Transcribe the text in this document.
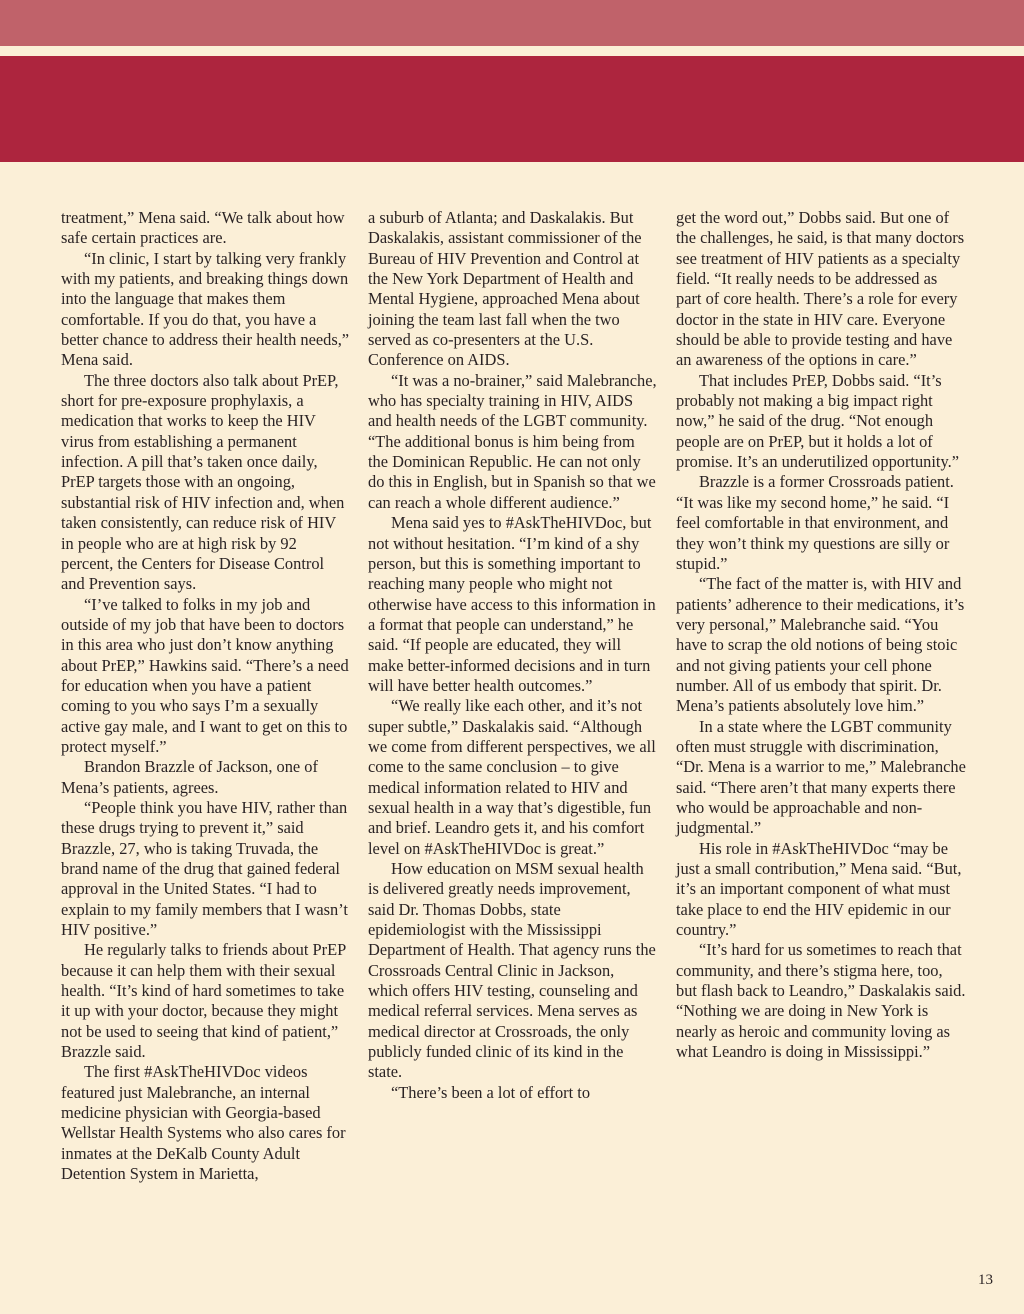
treatment,” Mena said. “We talk about how safe certain practices are.

“In clinic, I start by talking very frankly with my patients, and breaking things down into the language that makes them comfortable. If you do that, you have a better chance to address their health needs,” Mena said.

The three doctors also talk about PrEP, short for pre-exposure prophylaxis, a medication that works to keep the HIV virus from establishing a permanent infection. A pill that’s taken once daily, PrEP targets those with an ongoing, substantial risk of HIV infection and, when taken consistently, can reduce risk of HIV in people who are at high risk by 92 percent, the Centers for Disease Control and Prevention says.

“I’ve talked to folks in my job and outside of my job that have been to doctors in this area who just don’t know anything about PrEP,” Hawkins said. “There’s a need for education when you have a patient coming to you who says I’m a sexually active gay male, and I want to get on this to protect myself.”

Brandon Brazzle of Jackson, one of Mena’s patients, agrees.

“People think you have HIV, rather than these drugs trying to prevent it,” said Brazzle, 27, who is taking Truvada, the brand name of the drug that gained federal approval in the United States. “I had to explain to my family members that I wasn’t HIV positive.”

He regularly talks to friends about PrEP because it can help them with their sexual health. “It’s kind of hard sometimes to take it up with your doctor, because they might not be used to seeing that kind of patient,” Brazzle said.

The first #AskTheHIVDoc videos featured just Malebranche, an internal medicine physician with Georgia-based Wellstar Health Systems who also cares for inmates at the DeKalb County Adult Detention System in Marietta,

a suburb of Atlanta; and Daskalakis. But Daskalakis, assistant commissioner of the Bureau of HIV Prevention and Control at the New York Department of Health and Mental Hygiene, approached Mena about joining the team last fall when the two served as co-presenters at the U.S. Conference on AIDS.

“It was a no-brainer,” said Malebranche, who has specialty training in HIV, AIDS and health needs of the LGBT community. “The additional bonus is him being from the Dominican Republic. He can not only do this in English, but in Spanish so that we can reach a whole different audience.”

Mena said yes to #AskTheHIVDoc, but not without hesitation. “I’m kind of a shy person, but this is something important to reaching many people who might not otherwise have access to this information in a format that people can understand,” he said. “If people are educated, they will make better-informed decisions and in turn will have better health outcomes.”

“We really like each other, and it’s not super subtle,” Daskalakis said. “Although we come from different perspectives, we all come to the same conclusion – to give medical information related to HIV and sexual health in a way that’s digestible, fun and brief. Leandro gets it, and his comfort level on #AskTheHIVDoc is great.”

How education on MSM sexual health is delivered greatly needs improvement, said Dr. Thomas Dobbs, state epidemiologist with the Mississippi Department of Health. That agency runs the Crossroads Central Clinic in Jackson, which offers HIV testing, counseling and medical referral services. Mena serves as medical director at Crossroads, the only publicly funded clinic of its kind in the state.

“There’s been a lot of effort to

get the word out,” Dobbs said. But one of the challenges, he said, is that many doctors see treatment of HIV patients as a specialty field. “It really needs to be addressed as part of core health. There’s a role for every doctor in the state in HIV care. Everyone should be able to provide testing and have an awareness of the options in care.”

That includes PrEP, Dobbs said. “It’s probably not making a big impact right now,” he said of the drug. “Not enough people are on PrEP, but it holds a lot of promise. It’s an underutilized opportunity.”

Brazzle is a former Crossroads patient. “It was like my second home,” he said. “I feel comfortable in that environment, and they won’t think my questions are silly or stupid.”

“The fact of the matter is, with HIV and patients’ adherence to their medications, it’s very personal,” Malebranche said. “You have to scrap the old notions of being stoic and not giving patients your cell phone number. All of us embody that spirit. Dr. Mena’s patients absolutely love him.”

In a state where the LGBT community often must struggle with discrimination, “Dr. Mena is a warrior to me,” Malebranche said. “There aren’t that many experts there who would be approachable and non-judgmental.”

His role in #AskTheHIVDoc “may be just a small contribution,” Mena said. “But, it’s an important component of what must take place to end the HIV epidemic in our country.”

“It’s hard for us sometimes to reach that community, and there’s stigma here, too, but flash back to Leandro,” Daskalakis said. “Nothing we are doing in New York is nearly as heroic and community loving as what Leandro is doing in Mississippi.”

13
